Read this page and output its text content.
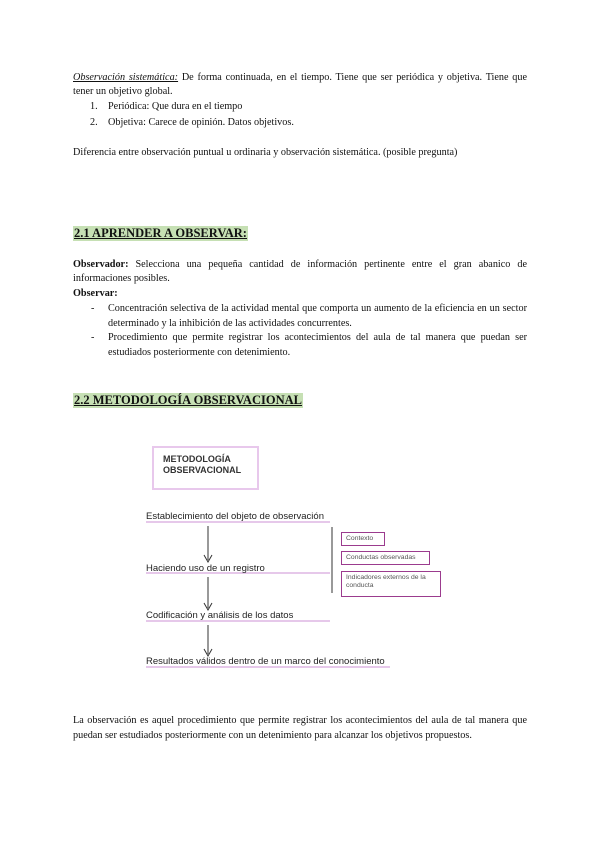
Observación sistemática: De forma continuada, en el tiempo. Tiene que ser periódica y objetiva. Tiene que tener un objetivo global.

1. Periódica: Que dura en el tiempo
2. Objetiva: Carece de opinión. Datos objetivos.

Diferencia entre observación puntual u ordinaria y observación sistemática. (posible pregunta)

2.1 APRENDER A OBSERVAR:

Observador: Selecciona una pequeña cantidad de información pertinente entre el gran abanico de informaciones posibles.

Observar:

- Concentración selectiva de la actividad mental que comporta un aumento de la eficiencia en un sector determinado y la inhibición de las actividades concurrentes.

- Procedimiento que permite registrar los acontecimientos del aula de tal manera que puedan ser estudiados posteriormente con detenimiento.

2.2 METODOLOGÍA OBSERVACIONAL
METODOLOGÍA
OBSERVACIONAL
Establecimiento del objeto de observación
Haciendo uso de un registro
Codificación y análisis de los datos
Resultados válidos dentro de un marco del conocimiento
Contexto
Conductas observadas
Indicadores externos de la conducta

La observación es aquel procedimiento que permite registrar los acontecimientos del aula de tal manera que puedan ser estudiados posteriormente con un detenimiento para alcanzar los objetivos propuestos.
